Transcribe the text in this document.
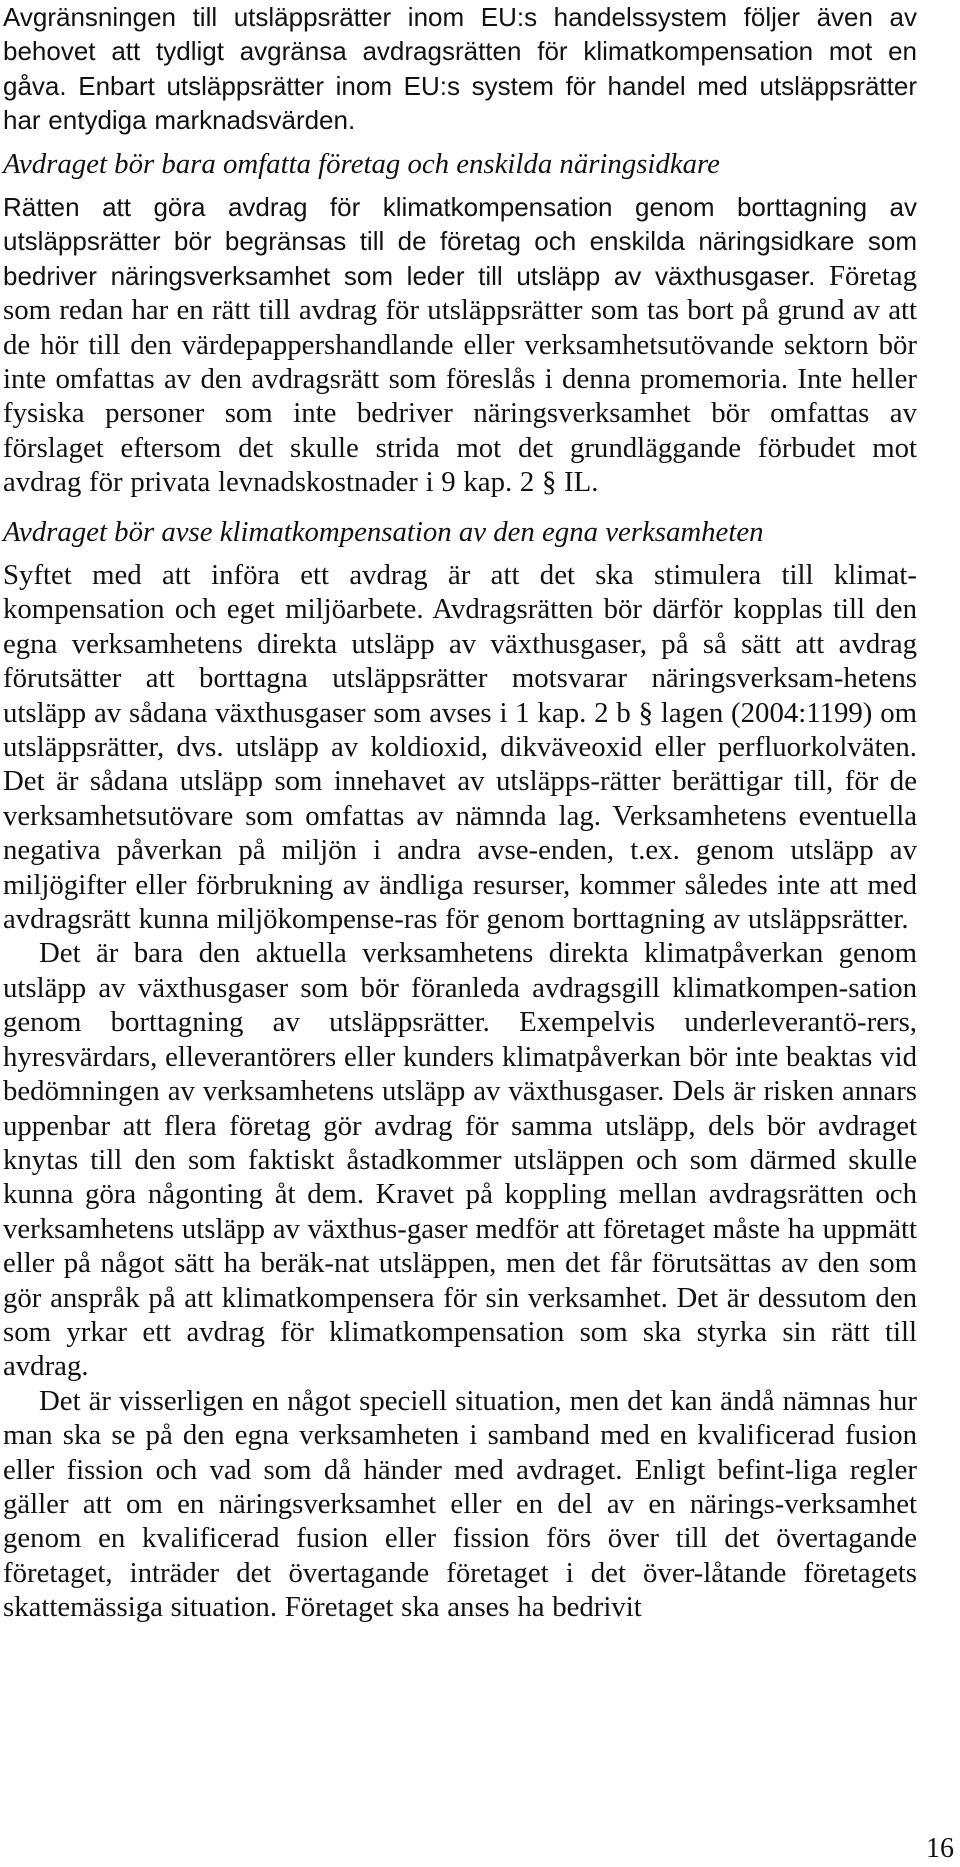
Avgränsningen till utsläppsrätter inom EU:s handelssystem följer även av behovet att tydligt avgränsa avdragsrätten för klimatkompensation mot en gåva. Enbart utsläppsrätter inom EU:s system för handel med utsläppsrätter har entydiga marknadsvärden.

Avdraget bör bara omfatta företag och enskilda näringsidkare

Rätten att göra avdrag för klimatkompensation genom borttagning av utsläppsrätter bör begränsas till de företag och enskilda näringsidkare som bedriver näringsverksamhet som leder till utsläpp av växthusgaser. Företag som redan har en rätt till avdrag för utsläppsrätter som tas bort på grund av att de hör till den värdepappershandlande eller verksamhetsutövande sektorn bör inte omfattas av den avdragsrätt som föreslås i denna promemoria. Inte heller fysiska personer som inte bedriver näringsverksamhet bör omfattas av förslaget eftersom det skulle strida mot det grundläggande förbudet mot avdrag för privata levnadskostnader i 9 kap. 2 § IL.

Avdraget bör avse klimatkompensation av den egna verksamheten

Syftet med att införa ett avdrag är att det ska stimulera till klimat-kompensation och eget miljöarbete. Avdragsrätten bör därför kopplas till den egna verksamhetens direkta utsläpp av växthusgaser, på så sätt att avdrag förutsätter att borttagna utsläppsrätter motsvarar näringsverksam-hetens utsläpp av sådana växthusgaser som avses i 1 kap. 2 b § lagen (2004:1199) om utsläppsrätter, dvs. utsläpp av koldioxid, dikväveoxid eller perfluorkolväten. Det är sådana utsläpp som innehavet av utsläpps-rätter berättigar till, för de verksamhetsutövare som omfattas av nämnda lag. Verksamhetens eventuella negativa påverkan på miljön i andra avse-enden, t.ex. genom utsläpp av miljögifter eller förbrukning av ändliga resurser, kommer således inte att med avdragsrätt kunna miljökompense-ras för genom borttagning av utsläppsrätter.

Det är bara den aktuella verksamhetens direkta klimatpåverkan genom utsläpp av växthusgaser som bör föranleda avdragsgill klimatkompen-sation genom borttagning av utsläppsrätter. Exempelvis underleverantö-rers, hyresvärdars, elleverantörers eller kunders klimatpåverkan bör inte beaktas vid bedömningen av verksamhetens utsläpp av växthusgaser. Dels är risken annars uppenbar att flera företag gör avdrag för samma utsläpp, dels bör avdraget knytas till den som faktiskt åstadkommer utsläppen och som därmed skulle kunna göra någonting åt dem. Kravet på koppling mellan avdragsrätten och verksamhetens utsläpp av växthus-gaser medför att företaget måste ha uppmätt eller på något sätt ha beräk-nat utsläppen, men det får förutsättas av den som gör anspråk på att klimatkompensera för sin verksamhet. Det är dessutom den som yrkar ett avdrag för klimatkompensation som ska styrka sin rätt till avdrag.

Det är visserligen en något speciell situation, men det kan ändå nämnas hur man ska se på den egna verksamheten i samband med en kvalificerad fusion eller fission och vad som då händer med avdraget. Enligt befint-liga regler gäller att om en näringsverksamhet eller en del av en närings-verksamhet genom en kvalificerad fusion eller fission förs över till det övertagande företaget, inträder det övertagande företaget i det över-låtande företagets skattemässiga situation. Företaget ska anses ha bedrivit

16
